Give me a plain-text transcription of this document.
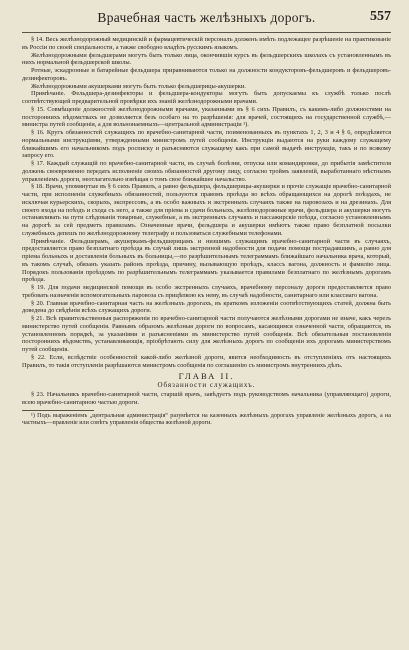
Врачебная часть желѣзныхъ дорогъ.	557

§ 14. Весь желѣзнодорожный медицинскій и фармацевтическій персоналъ долженъ имѣть подлежащее разрѣшеніе на практикованіе въ Россіи по своей спеціальности, а также свободно владѣть русскимъ языкомъ.

Желѣзнодорожными фельдшерами могутъ быть только лица, окончившія курсъ въ фельдшерскихъ школахъ съ установленнымъ въ нихъ нормальной фельдшерской школы.

Ротные, эскадронные и батарейные фельдшера приравниваются только на должности кондукторовъ-фельдшеровъ и фельдшеровъ-дезинфекторовъ.

Желѣзнодорожными акушерками могутъ быть только фельдшерицы-акушерки.

Примѣчаніе. Фельдшера-дезинфекторы и фельдшера-кондукторы могутъ быть допускаемы къ службѣ только послѣ соотвѣтствующей предварительной провѣрки ихъ знаній желѣзнодорожными врачами.

§ 15. Совмѣщеніе должностей желѣзнодорожными врачами, указанными въ § 6 сихъ Правилъ, съ какимъ-либо должностями на постороннихъ вѣдомствахъ не дозволяется безъ особаго на то разрѣшенія: для врачей, состоящихъ на государственной службѣ,—министра путей сообщенія, а для вольнонаемныхъ—центральной администраціи ¹).

§ 16. Кругъ обязанностей служащихъ по врачебно-санитарной части, поименованныхъ въ пунктахъ 1, 2, 3 и 4 § 6, опредѣляется нормальными инструкціями, утвержденными министромъ путей сообщенія. Инструкціи выдаются на руки каждому служащему ближайшимъ его начальникомъ подъ росписку и разъясняются служащему какъ при самой выдачѣ инструкціи, такъ и по всякому запросу его.

§ 17. Каждый служащій по врачебно-санитарной части, въ случаѣ болѣзни, отпуска или командировки, до прибытія замѣстителя должень своевременно передать исполненіе своихъ обязанностей другому лицу, согласно троймъ заявленій, выработаннаго мѣстнымъ управленіемъ дороги, неотлагательно извѣщая о томъ свое ближайшее начальство.

§ 18. Врачи, упомянутые въ § 6 сихъ Правилъ, а равно фельдшера, фельдшерицы-акушерки и прочіе служащіе врачебно-санитарной части, при исполненіи служебныхъ обязанностей, пользуются правомъ проѣзда во всѣхъ обращающихся на дорогѣ поѣздахъ, не исключая курьерскихъ, скорыхъ, экспрессовъ, а въ особо важныхъ и экстренныхъ случаяхъ также на паровозахъ и на дрезинахъ. Для своего входа на поѣздъ и схода съ него, а также для пріема и сдачи больныхъ, желѣзнодорожные врачи, фельдшера и акушерки могутъ останавливать на пути слѣдованія товарные, служебные, а въ экстренныхъ случаяхъ и пассажирскіе поѣзда, согласно установленнымъ на дорогѣ за сей предметъ правиламъ. Означенные врачи, фельдшера и акушерки имѣютъ также право безплатной посылки служебныхъ депешъ по желѣзнодорожному телеграфу и пользоваться служебными телефонами.

Примѣчаніе. Фельдшерамъ, акушеркамъ-фельдшерицамъ и низшимъ служащимъ врачебно-санитарной части въ случаяхъ, предоставляется право безплатнаго проѣзда въ случай лишь экстренной надобности для подачи помощи пострадавшимъ, а равно для пріема больныхъ и доставленія больныхъ въ больницы,—по разрѣшительнымъ телеграммамъ ближайшаго начальника врача, который, въ такомъ случаѣ, обязанъ указать районъ проѣзда, причину, вызывающую проѣздъ, классъ вагона, должность и фамилію лица. Порядокъ пользованія проѣздомъ по разрѣшительнымъ телеграммамъ указывается правилами безплатнаго по желѣзнымъ дорогамъ проѣзда.

§ 19. Для подачи медицинской помощи въ особо экстренныхъ случаяхъ, врачебному персоналу дороги предоставляется право требовать назначенія вспомогательныхъ паровоза съ прицѣпкою къ нему, въ случаѣ надобности, санитарнаго или классиаго вагона.

§ 20. Главная врачебно-санитарная часть на желѣзныхъ дорогахъ, въ краткомъ изложеніи соотвѣтствующихъ статей, должна быть доведена до свѣдѣнія всѣхъ служащихъ дороги.

§ 21. Всѣ правительственныя распоряженія по врачебно-санитарной части получаются желѣзными дорогами не иначе, какъ черезъ министерство путей сообщенія. Равнымъ образомъ желѣзныя дороги по вопросамъ, касающимся означенной части, обращаются, въ установленномъ порядкѣ, за указаніями и разъясненіями въ министерство путей сообщенія. Всѣ обязательныя постановленія постороннихъ вѣдомствъ, устанавливающія, пріобрѣтають силу для желѣзныхъ дорогъ по сообщеніи ихъ дорогамъ министерствомъ путей сообщенія.

§ 22. Если, вслѣдствіе особенностей какой-либо желѣзной дороги, явится необходимость въ отступленіяхъ отъ настоящихъ Правилъ, то такія отступленія разрѣшаются министромъ сообщенія по соглашенію съ министромъ внутреннихъ дѣлъ.

ГЛАВА II.
Обязанности служащихъ.

§ 23. Начальникъ врачебно-санитарной части, старшій врачъ, завѣдуетъ подъ руководствомъ начальника (управляющаго) дороги, всею врачебно-санитарною частью дороги.

¹) Подъ выраженіемъ „центральная администрація“ разумѣется на казенныхъ желѣзныхъ дорогахъ управленіе желѣзныхъ дорогъ, а на частныхъ—правленіе или совѣтъ управленія общества желѣзной дороги.
